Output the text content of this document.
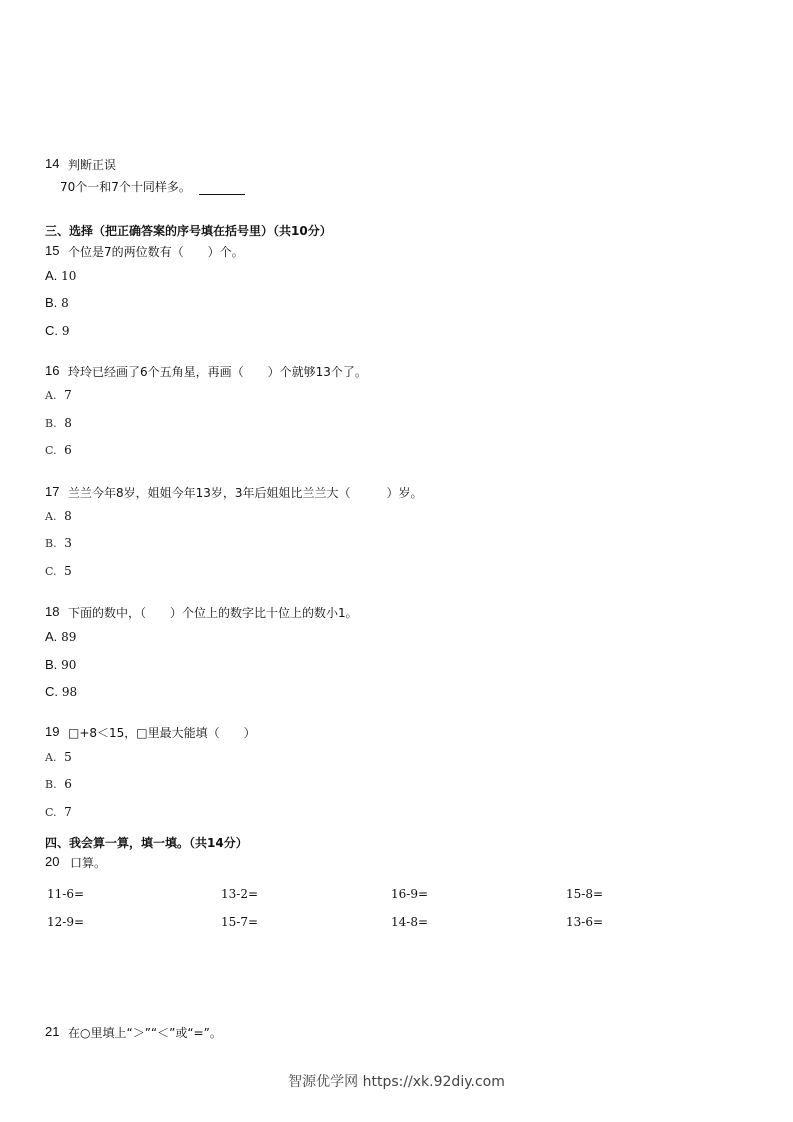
14 判断正误
70个一和7个十同样多。
三、选择（把正确答案的序号填在括号里）（共10分）
15 个位是7的两位数有（　　）个。
A. 10
B. 8
C. 9
16 玲玲已经画了6个五角星，再画（　　）个就够13个了。
A. 7
B. 8
C. 6
17 兰兰今年8岁，姐姐今年13岁，3年后姐姐比兰兰大（　　　）岁。
A. 8
B. 3
C. 5
18 下面的数中，（　　）个位上的数字比十位上的数小1。
A. 89
B. 90
C. 98
19 □+8＜15，□里最大能填（　　）
A. 5
B. 6
C. 7
四、我会算一算，填一填。（共14分）
20 口算。
11-6=	13-2=	16-9=	15-8=
12-9=	15-7=	14-8=	13-6=
21 在○里填上“＞”“＜”或“=”。
智源优学网 https://xk.92diy.com
